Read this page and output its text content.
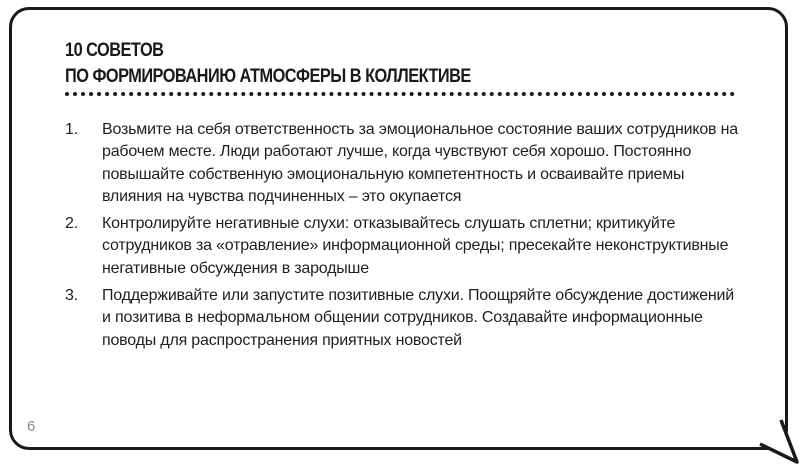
10 СОВЕТОВ
ПО ФОРМИРОВАНИЮ АТМОСФЕРЫ В КОЛЛЕКТИВЕ
1. Возьмите на себя ответственность за эмоциональное состояние ваших сотрудников на рабочем месте. Люди работают лучше, когда чувствуют себя хорошо. Постоянно повышайте собственную эмоциональную компетентность и осваивайте приемы влияния на чувства подчиненных – это окупается
2. Контролируйте негативные слухи: отказывайтесь слушать сплетни; критикуйте сотрудников за «отравление» информационной среды; пресекайте неконструктивные негативные обсуждения в зародыше
3. Поддерживайте или запустите позитивные слухи. Поощряйте обсуждение достижений и позитива в неформальном общении сотрудников. Создавайте информационные поводы для распространения приятных новостей
6
